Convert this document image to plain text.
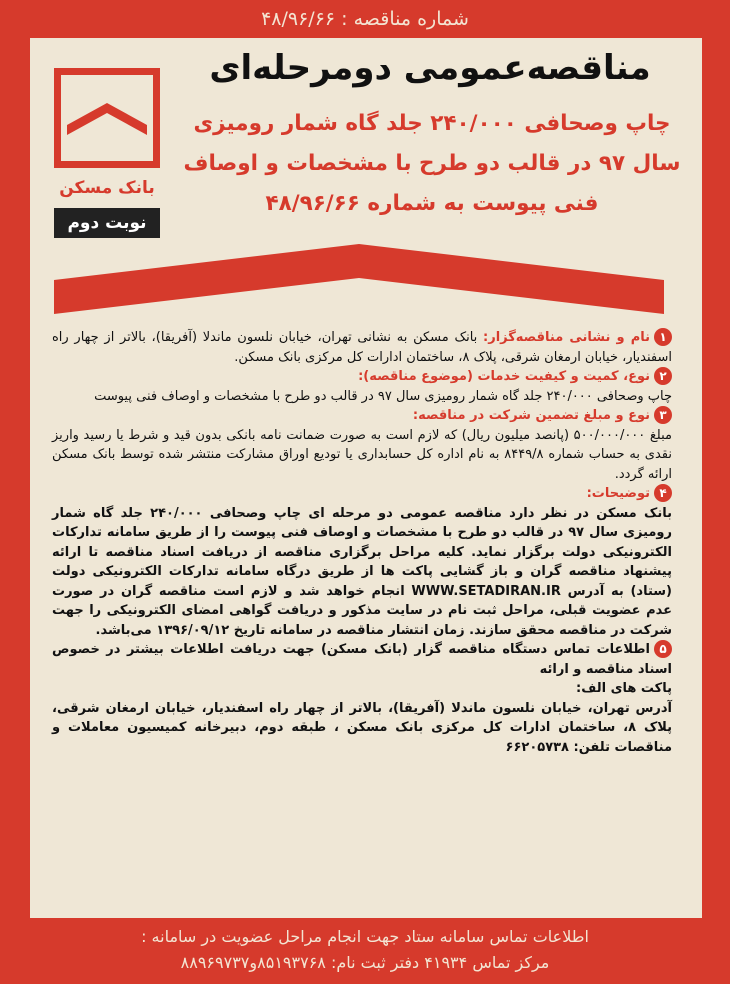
شماره مناقصه : ۴۸/۹۶/۶۶
مناقصه‌عمومی دومرحله‌ای
چاپ وصحافی ۲۴۰/۰۰۰ جلد گاه شمار رومیزی سال ۹۷ در قالب دو طرح با مشخصات و اوصاف فنی پیوست به شماره ۴۸/۹۶/۶۶
بانک مسکن
نوبت دوم

۱نام و نشانی مناقصه‌گزار: بانک مسکن به نشانی تهران، خیابان نلسون ماندلا (آفریقا)، بالاتر از چهار راه اسفندیار، خیابان ارمغان شرقی، پلاک ۸، ساختمان ادارات کل مرکزی بانک مسکن.

۲نوع، کمیت و کیفیت خدمات (موضوع مناقصه):
چاپ وصحافی ۲۴۰/۰۰۰ جلد گاه شمار رومیزی سال ۹۷ در قالب دو طرح با مشخصات و اوصاف فنی پیوست

۳نوع و مبلغ تضمین شرکت در مناقصه:
مبلغ ۵۰۰/۰۰۰/۰۰۰ (پانصد میلیون ریال) که لازم است به صورت ضمانت نامه بانکی بدون قید و شرط یا رسید واریز نقدی به حساب شماره ۸۴۴۹/۸ به نام اداره کل حسابداری یا تودیع اوراق مشارکت منتشر شده توسط بانک مسکن ارائه گردد.

۴توضیحات:
بانک مسکن در نظر دارد مناقصه عمومی دو مرحله ای چاپ وصحافی ۲۴۰/۰۰۰ جلد گاه شمار رومیزی سال ۹۷ در قالب دو طرح با مشخصات و اوصاف فنی پیوست را از طریق سامانه تدارکات الکترونیکی دولت برگزار نماید. کلیه مراحل برگزاری مناقصه از دریافت اسناد مناقصه تا ارائه پیشنهاد مناقصه گران و باز گشایی پاکت ها از طریق درگاه سامانه تدارکات الکترونیکی دولت (ستاد) به آدرس WWW.SETADIRAN.IR انجام خواهد شد و لازم است مناقصه گران در صورت عدم عضویت قبلی، مراحل ثبت نام در سایت مذکور و دریافت گواهی امضای الکترونیکی را جهت شرکت در مناقصه محقق سازند. زمان انتشار مناقصه در سامانه تاریخ ۱۳۹۶/۰۹/۱۲ می‌باشد.

۵اطلاعات تماس دستگاه مناقصه گزار (بانک مسکن) جهت دریافت اطلاعات بیشتر در خصوص اسناد مناقصه و ارائه

پاکت های الف:

آدرس تهران، خیابان نلسون ماندلا (آفریقا)، بالاتر از چهار راه اسفندیار، خیابان ارمغان شرقی، پلاک ۸، ساختمان ادارات کل مرکزی بانک مسکن ، طبقه دوم، دبیرخانه کمیسیون معاملات و مناقصات تلفن: ۶۶۲۰۵۷۳۸

اطلاعات تماس سامانه ستاد جهت انجام مراحل عضویت در سامانه :
مرکز تماس ۴۱۹۳۴ دفتر ثبت نام: ۸۵۱۹۳۷۶۸و۸۸۹۶۹۷۳۷
